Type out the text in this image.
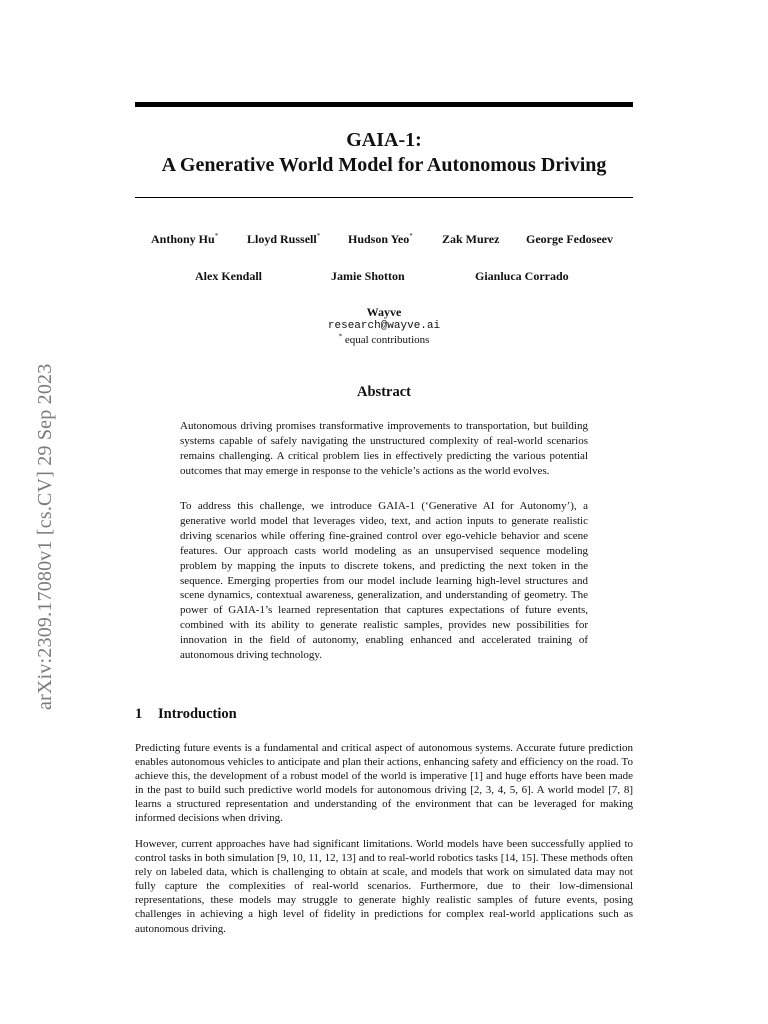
arXiv:2309.17080v1 [cs.CV] 29 Sep 2023
GAIA-1:
A Generative World Model for Autonomous Driving
Anthony Hu* Lloyd Russell* Hudson Yeo* Zak Murez George Fedoseev
Alex Kendall	Jamie Shotton	Gianluca Corrado
Wayve
research@wayve.ai
* equal contributions
Abstract

Autonomous driving promises transformative improvements to transportation, but building systems capable of safely navigating the unstructured complexity of real-world scenarios remains challenging. A critical problem lies in effectively predicting the various potential outcomes that may emerge in response to the vehicle’s actions as the world evolves.

To address this challenge, we introduce GAIA-1 (‘Generative AI for Autonomy’), a generative world model that leverages video, text, and action inputs to generate realistic driving scenarios while offering fine-grained control over ego-vehicle behavior and scene features. Our approach casts world modeling as an unsupervised sequence modeling problem by mapping the inputs to discrete tokens, and predicting the next token in the sequence. Emerging properties from our model include learning high-level structures and scene dynamics, contextual awareness, generalization, and understanding of geometry. The power of GAIA-1’s learned representation that captures expectations of future events, combined with its ability to generate realistic samples, provides new possibilities for innovation in the field of autonomy, enabling enhanced and accelerated training of autonomous driving technology.

1 Introduction

Predicting future events is a fundamental and critical aspect of autonomous systems. Accurate future prediction enables autonomous vehicles to anticipate and plan their actions, enhancing safety and efficiency on the road. To achieve this, the development of a robust model of the world is imperative [1] and huge efforts have been made in the past to build such predictive world models for autonomous driving [2, 3, 4, 5, 6]. A world model [7, 8] learns a structured representation and understanding of the environment that can be leveraged for making informed decisions when driving.

However, current approaches have had significant limitations. World models have been successfully applied to control tasks in both simulation [9, 10, 11, 12, 13] and to real-world robotics tasks [14, 15]. These methods often rely on labeled data, which is challenging to obtain at scale, and models that work on simulated data may not fully capture the complexities of real-world scenarios. Furthermore, due to their low-dimensional representations, these models may struggle to generate highly realistic samples of future events, posing challenges in achieving a high level of fidelity in predictions for complex real-world applications such as autonomous driving.
